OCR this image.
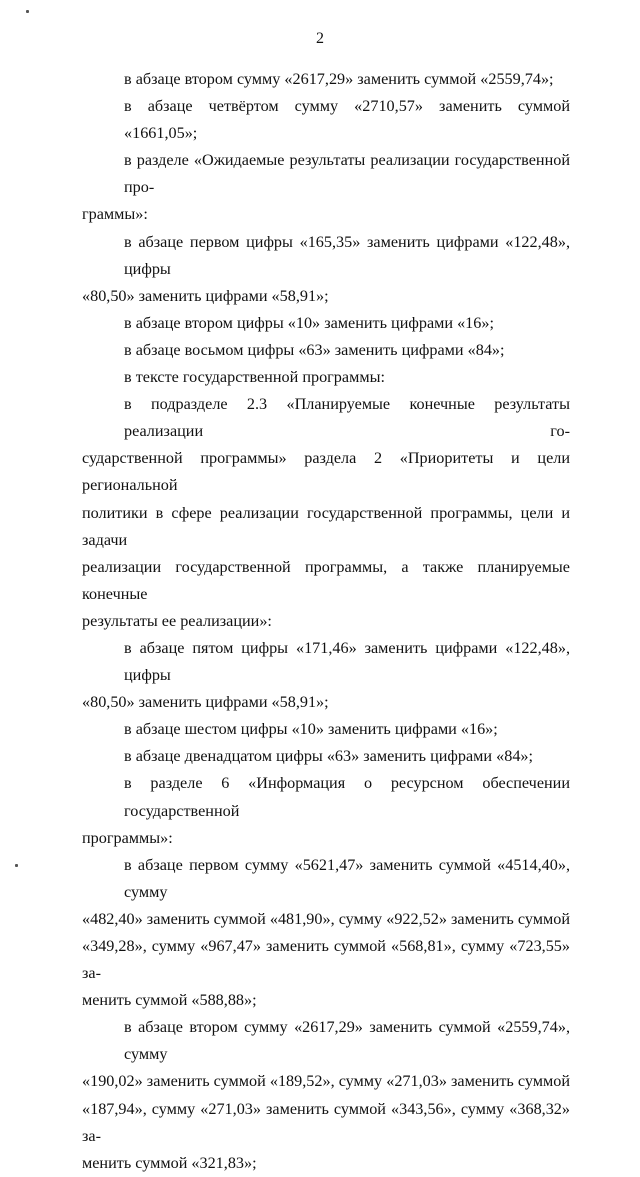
2
в абзаце втором сумму «2617,29» заменить суммой «2559,74»;
в абзаце четвёртом сумму «2710,57» заменить суммой «1661,05»;
в разделе «Ожидаемые результаты реализации государственной про-
граммы»:
в абзаце первом цифры «165,35» заменить цифрами «122,48», цифры
«80,50» заменить цифрами «58,91»;
в абзаце втором цифры «10» заменить цифрами «16»;
в абзаце восьмом цифры «63» заменить цифрами «84»;
в тексте государственной программы:
в подразделе 2.3 «Планируемые конечные результаты реализации го-
сударственной программы» раздела 2 «Приоритеты и цели региональной
политики в сфере реализации государственной программы, цели и задачи
реализации государственной программы, а также планируемые конечные
результаты ее реализации»:
в абзаце пятом цифры «171,46» заменить цифрами «122,48», цифры
«80,50» заменить цифрами «58,91»;
в абзаце шестом цифры «10» заменить цифрами «16»;
в абзаце двенадцатом цифры «63» заменить цифрами «84»;
в разделе 6 «Информация о ресурсном обеспечении государственной
программы»:
в абзаце первом сумму «5621,47» заменить суммой «4514,40», сумму
«482,40» заменить суммой «481,90», сумму «922,52» заменить суммой
«349,28», сумму «967,47» заменить суммой «568,81», сумму «723,55» за-
менить суммой «588,88»;
в абзаце втором сумму «2617,29» заменить суммой «2559,74», сумму
«190,02» заменить суммой «189,52», сумму «271,03» заменить суммой
«187,94», сумму «271,03» заменить суммой «343,56», сумму «368,32» за-
менить суммой «321,83»;
